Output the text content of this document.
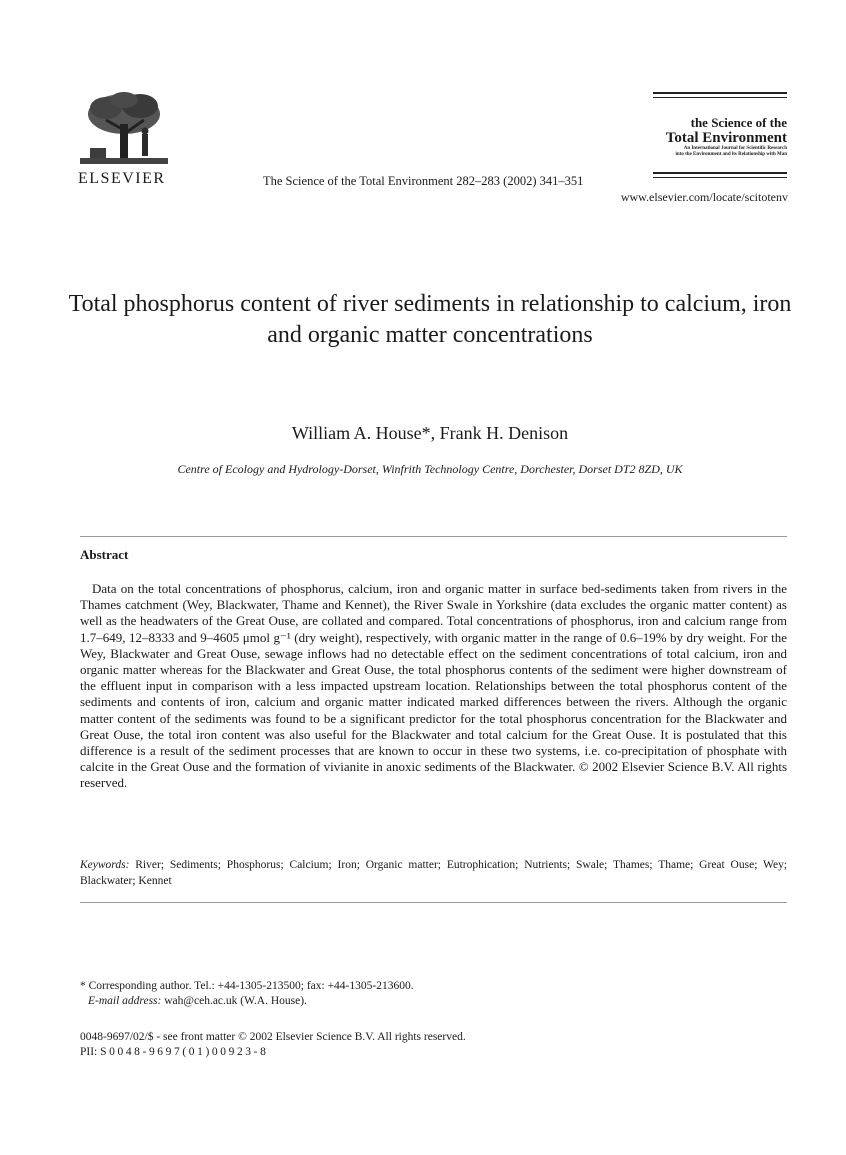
ELSEVIER	The Science of the Total Environment 282–283 (2002) 341–351
the Science of the
Total Environment
An International Journal for Scientific Research
into the Environment and its Relationship with Man
www.elsevier.com/locate/scitotenv
Total phosphorus content of river sediments in relationship to calcium, iron and organic matter concentrations
William A. House*, Frank H. Denison
Centre of Ecology and Hydrology-Dorset, Winfrith Technology Centre, Dorchester, Dorset DT2 8ZD, UK
Abstract
Data on the total concentrations of phosphorus, calcium, iron and organic matter in surface bed-sediments taken from rivers in the Thames catchment (Wey, Blackwater, Thame and Kennet), the River Swale in Yorkshire (data excludes the organic matter content) as well as the headwaters of the Great Ouse, are collated and compared. Total concentrations of phosphorus, iron and calcium range from 1.7–649, 12–8333 and 9–4605 μmol g⁻¹ (dry weight), respectively, with organic matter in the range of 0.6–19% by dry weight. For the Wey, Blackwater and Great Ouse, sewage inflows had no detectable effect on the sediment concentrations of total calcium, iron and organic matter whereas for the Blackwater and Great Ouse, the total phosphorus contents of the sediment were higher downstream of the effluent input in comparison with a less impacted upstream location. Relationships between the total phosphorus content of the sediments and contents of iron, calcium and organic matter indicated marked differences between the rivers. Although the organic matter content of the sediments was found to be a significant predictor for the total phosphorus concentration for the Blackwater and Great Ouse, the total iron content was also useful for the Blackwater and total calcium for the Great Ouse. It is postulated that this difference is a result of the sediment processes that are known to occur in these two systems, i.e. co-precipitation of phosphate with calcite in the Great Ouse and the formation of vivianite in anoxic sediments of the Blackwater. © 2002 Elsevier Science B.V. All rights reserved.
Keywords: River; Sediments; Phosphorus; Calcium; Iron; Organic matter; Eutrophication; Nutrients; Swale; Thames; Thame; Great Ouse; Wey; Blackwater; Kennet
* Corresponding author. Tel.: +44-1305-213500; fax: +44-1305-213600.
E-mail address: wah@ceh.ac.uk (W.A. House).
0048-9697/02/$ - see front matter © 2002 Elsevier Science B.V. All rights reserved.
PII: S0048-9697(01)00923-8
